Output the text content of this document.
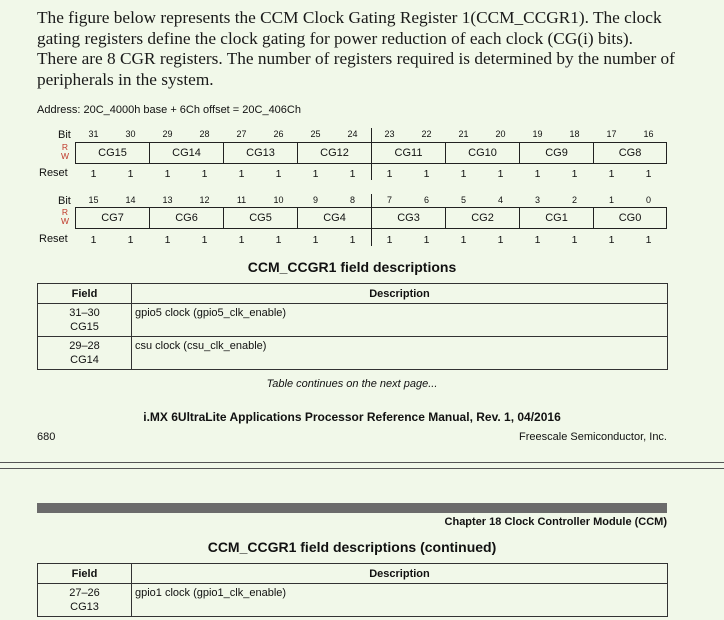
The figure below represents the CCM Clock Gating Register 1(CCM_CCGR1). The clock gating registers define the clock gating for power reduction of each clock (CG(i) bits). There are 8 CGR registers. The number of registers required is determined by the number of peripherals in the system.
Address: 20C_4000h base + 6Ch offset = 20C_406Ch
Bit	31	30	29	28	27	26	25	24	23	22	21	20	19	18	17	16
R
W	CG15	CG14	CG13	CG12	CG11	CG10	CG9	CG8
Reset	1	1	1	1	1	1	1	1	1	1	1	1	1	1	1	1
Bit	15	14	13	12	11	10	9	8	7	6	5	4	3	2	1	0
R
W	CG7	CG6	CG5	CG4	CG3	CG2	CG1	CG0
Reset	1	1	1	1	1	1	1	1	1	1	1	1	1	1	1	1
CCM_CCGR1 field descriptions
Field	Description

31–30
CG15	gpio5 clock (gpio5_clk_enable)

29–28
CG14	csu clock (csu_clk_enable)
Table continues on the next page...
i.MX 6UltraLite Applications Processor Reference Manual, Rev. 1, 04/2016
680	Freescale Semiconductor, Inc.
Chapter 18 Clock Controller Module (CCM)
CCM_CCGR1 field descriptions (continued)
Field	Description

27–26
CG13	gpio1 clock (gpio1_clk_enable)
